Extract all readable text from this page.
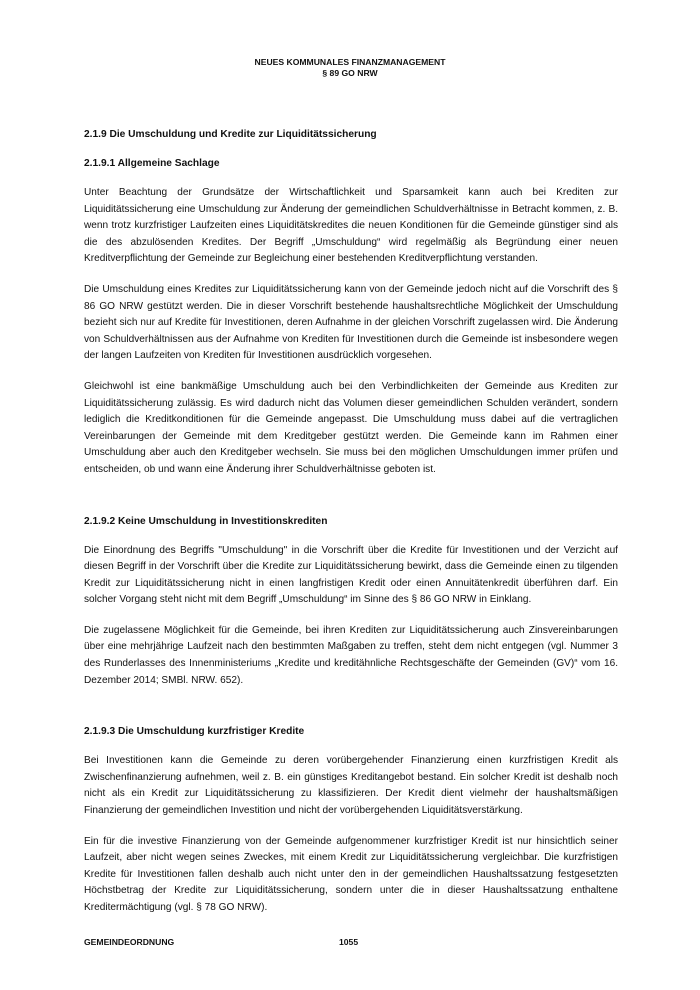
NEUES KOMMUNALES FINANZMANAGEMENT
§ 89 GO NRW

2.1.9 Die Umschuldung und Kredite zur Liquiditätssicherung

2.1.9.1 Allgemeine Sachlage

Unter Beachtung der Grundsätze der Wirtschaftlichkeit und Sparsamkeit kann auch bei Krediten zur Liquiditätssicherung eine Umschuldung zur Änderung der gemeindlichen Schuldverhältnisse in Betracht kommen, z. B. wenn trotz kurzfristiger Laufzeiten eines Liquiditätskredites die neuen Konditionen für die Gemeinde günstiger sind als die des abzulösenden Kredites. Der Begriff „Umschuldung“ wird regelmäßig als Begründung einer neuen Kreditverpflichtung der Gemeinde zur Begleichung einer bestehenden Kreditverpflichtung verstanden.

Die Umschuldung eines Kredites zur Liquiditätssicherung kann von der Gemeinde jedoch nicht auf die Vorschrift des § 86 GO NRW gestützt werden. Die in dieser Vorschrift bestehende haushaltsrechtliche Möglichkeit der Umschuldung bezieht sich nur auf Kredite für Investitionen, deren Aufnahme in der gleichen Vorschrift zugelassen wird. Die Änderung von Schuldverhältnissen aus der Aufnahme von Krediten für Investitionen durch die Gemeinde ist insbesondere wegen der langen Laufzeiten von Krediten für Investitionen ausdrücklich vorgesehen.

Gleichwohl ist eine bankmäßige Umschuldung auch bei den Verbindlichkeiten der Gemeinde aus Krediten zur Liquiditätssicherung zulässig. Es wird dadurch nicht das Volumen dieser gemeindlichen Schulden verändert, sondern lediglich die Kreditkonditionen für die Gemeinde angepasst. Die Umschuldung muss dabei auf die vertraglichen Vereinbarungen der Gemeinde mit dem Kreditgeber gestützt werden. Die Gemeinde kann im Rahmen einer Umschuldung aber auch den Kreditgeber wechseln. Sie muss bei den möglichen Umschuldungen immer prüfen und entscheiden, ob und wann eine Änderung ihrer Schuldverhältnisse geboten ist.

2.1.9.2 Keine Umschuldung in Investitionskrediten

Die Einordnung des Begriffs "Umschuldung" in die Vorschrift über die Kredite für Investitionen und der Verzicht auf diesen Begriff in der Vorschrift über die Kredite zur Liquiditätssicherung bewirkt, dass die Gemeinde einen zu tilgenden Kredit zur Liquiditätssicherung nicht in einen langfristigen Kredit oder einen Annuitätenkredit überführen darf. Ein solcher Vorgang steht nicht mit dem Begriff „Umschuldung“ im Sinne des § 86 GO NRW in Einklang.

Die zugelassene Möglichkeit für die Gemeinde, bei ihren Krediten zur Liquiditätssicherung auch Zinsvereinbarungen über eine mehrjährige Laufzeit nach den bestimmten Maßgaben zu treffen, steht dem nicht entgegen (vgl. Nummer 3 des Runderlasses des Innenministeriums „Kredite und kreditähnliche Rechtsgeschäfte der Gemeinden (GV)“ vom 16. Dezember 2014; SMBl. NRW. 652).

2.1.9.3 Die Umschuldung kurzfristiger Kredite

Bei Investitionen kann die Gemeinde zu deren vorübergehender Finanzierung einen kurzfristigen Kredit als Zwischenfinanzierung aufnehmen, weil z. B. ein günstiges Kreditangebot bestand. Ein solcher Kredit ist deshalb noch nicht als ein Kredit zur Liquiditätssicherung zu klassifizieren. Der Kredit dient vielmehr der haushaltsmäßigen Finanzierung der gemeindlichen Investition und nicht der vorübergehenden Liquiditätsverstärkung.

Ein für die investive Finanzierung von der Gemeinde aufgenommener kurzfristiger Kredit ist nur hinsichtlich seiner Laufzeit, aber nicht wegen seines Zweckes, mit einem Kredit zur Liquiditätssicherung vergleichbar. Die kurzfristigen Kredite für Investitionen fallen deshalb auch nicht unter den in der gemeindlichen Haushaltssatzung festgesetzten Höchstbetrag der Kredite zur Liquiditätssicherung, sondern unter die in dieser Haushaltssatzung enthaltene Kreditermächtigung (vgl. § 78 GO NRW).

GEMEINDEORDNUNG	1055
